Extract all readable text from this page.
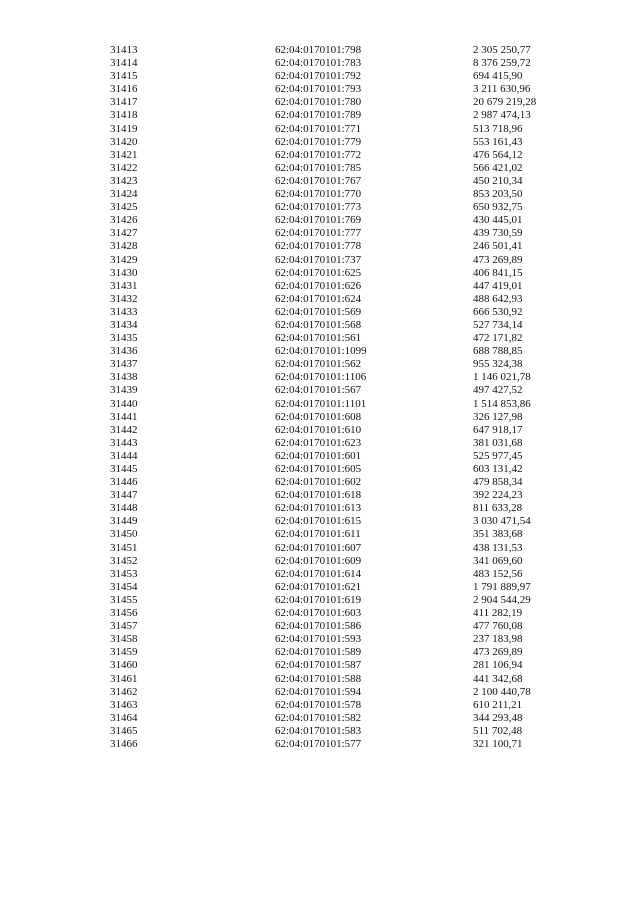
31413	62:04:0170101:798	2 305 250,77
31414	62:04:0170101:783	8 376 259,72
31415	62:04:0170101:792	694 415,90
31416	62:04:0170101:793	3 211 630,96
31417	62:04:0170101:780	20 679 219,28
31418	62:04:0170101:789	2 987 474,13
31419	62:04:0170101:771	513 718,96
31420	62:04:0170101:779	553 161,43
31421	62:04:0170101:772	476 564,12
31422	62:04:0170101:785	566 421,02
31423	62:04:0170101:767	450 210,34
31424	62:04:0170101:770	853 203,50
31425	62:04:0170101:773	650 932,75
31426	62:04:0170101:769	430 445,01
31427	62:04:0170101:777	439 730,59
31428	62:04:0170101:778	246 501,41
31429	62:04:0170101:737	473 269,89
31430	62:04:0170101:625	406 841,15
31431	62:04:0170101:626	447 419,01
31432	62:04:0170101:624	488 642,93
31433	62:04:0170101:569	666 530,92
31434	62:04:0170101:568	527 734,14
31435	62:04:0170101:561	472 171,82
31436	62:04:0170101:1099	688 788,85
31437	62:04:0170101:562	955 324,38
31438	62:04:0170101:1106	1 146 021,78
31439	62:04:0170101:567	497 427,52
31440	62:04:0170101:1101	1 514 853,86
31441	62:04:0170101:608	326 127,98
31442	62:04:0170101:610	647 918,17
31443	62:04:0170101:623	381 031,68
31444	62:04:0170101:601	525 977,45
31445	62:04:0170101:605	603 131,42
31446	62:04:0170101:602	479 858,34
31447	62:04:0170101:618	392 224,23
31448	62:04:0170101:613	811 633,28
31449	62:04:0170101:615	3 030 471,54
31450	62:04:0170101:611	351 383,68
31451	62:04:0170101:607	438 131,53
31452	62:04:0170101:609	341 069,60
31453	62:04:0170101:614	483 152,56
31454	62:04:0170101:621	1 791 889,97
31455	62:04:0170101:619	2 904 544,29
31456	62:04:0170101:603	411 282,19
31457	62:04:0170101:586	477 760,08
31458	62:04:0170101:593	237 183,98
31459	62:04:0170101:589	473 269,89
31460	62:04:0170101:587	281 106,94
31461	62:04:0170101:588	441 342,68
31462	62:04:0170101:594	2 100 440,78
31463	62:04:0170101:578	610 211,21
31464	62:04:0170101:582	344 293,48
31465	62:04:0170101:583	511 702,48
31466	62:04:0170101:577	321 100,71
